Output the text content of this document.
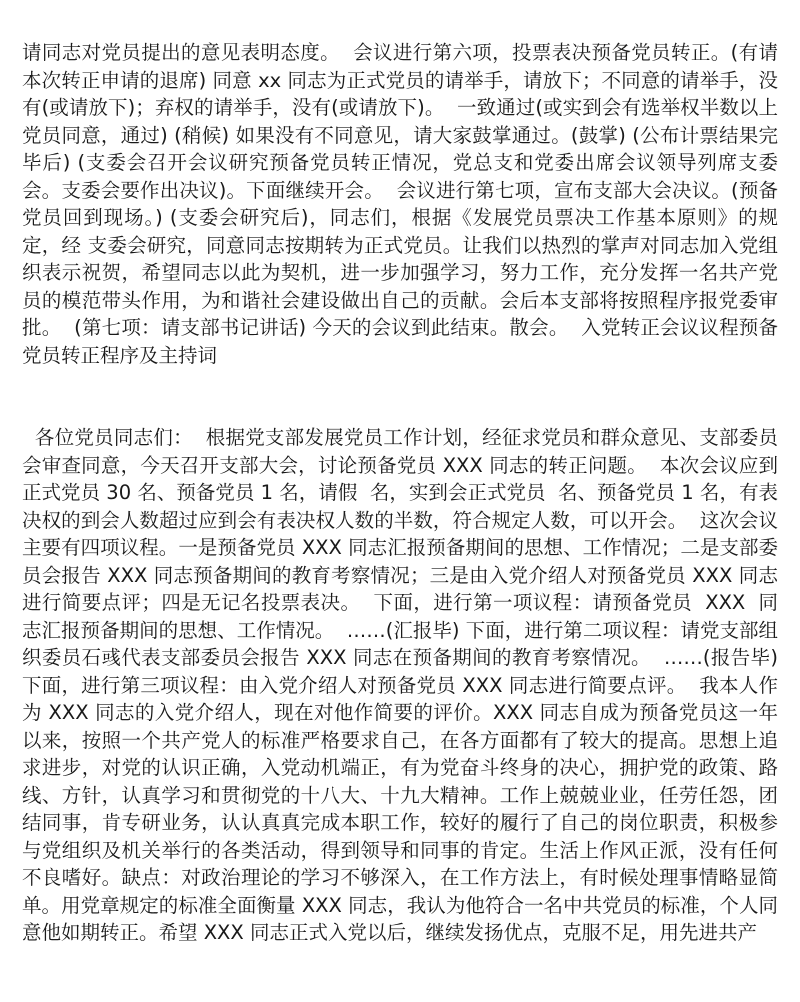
请同志对党员提出的意见表明态度。  会议进行第六项，投票表决预备党员转正。(有请本次转正申请的退席) 同意 xx 同志为正式党员的请举手，请放下；不同意的请举手，没有(或请放下)；弃权的请举手，没有(或请放下)。  一致通过(或实到会有选举权半数以上党员同意，通过) (稍候) 如果没有不同意见，请大家鼓掌通过。(鼓掌) (公布计票结果完毕后) (支委会召开会议研究预备党员转正情况，党总支和党委出席会议领导列席支委会。支委会要作出决议)。下面继续开会。  会议进行第七项，宣布支部大会决议。(预备党员回到现场。) (支委会研究后)，同志们，根据《发展党员票决工作基本原则》的规定，经 支委会研究，同意同志按期转为正式党员。让我们以热烈的掌声对同志加入党组织表示祝贺，希望同志以此为契机，进一步加强学习，努力工作，充分发挥一名共产党员的模范带头作用，为和谐社会建设做出自己的贡献。会后本支部将按照程序报党委审批。  (第七项：请支部书记讲话) 今天的会议到此结束。散会。  入党转正会议议程预备党员转正程序及主持词

各位党员同志们：  根据党支部发展党员工作计划，经征求党员和群众意见、支部委员会审查同意，今天召开支部大会，讨论预备党员 XXX 同志的转正问题。  本次会议应到正式党员 30 名、预备党员 1 名，请假  名，实到会正式党员  名、预备党员 1 名，有表决权的到会人数超过应到会有表决权人数的半数，符合规定人数，可以开会。  这次会议主要有四项议程。一是预备党员 XXX 同志汇报预备期间的思想、工作情况；二是支部委员会报告 XXX 同志预备期间的教育考察情况；三是由入党介绍人对预备党员 XXX 同志进行简要点评；四是无记名投票表决。  下面，进行第一项议程：请预备党员  XXX  同志汇报预备期间的思想、工作情况。  ……(汇报毕) 下面，进行第二项议程：请党支部组织委员石彧代表支部委员会报告 XXX 同志在预备期间的教育考察情况。  ……(报告毕) 下面，进行第三项议程：由入党介绍人对预备党员 XXX 同志进行简要点评。  我本人作为 XXX 同志的入党介绍人，现在对他作简要的评价。XXX 同志自成为预备党员这一年以来，按照一个共产党人的标准严格要求自己，在各方面都有了较大的提高。思想上追求进步，对党的认识正确，入党动机端正，有为党奋斗终身的决心，拥护党的政策、路线、方针，认真学习和贯彻党的十八大、十九大精神。工作上兢兢业业，任劳任怨，团结同事，肯专研业务，认认真真完成本职工作，较好的履行了自己的岗位职责，积极参与党组织及机关举行的各类活动，得到领导和同事的肯定。生活上作风正派，没有任何不良嗜好。缺点：对政治理论的学习不够深入，在工作方法上，有时候处理事情略显简单。用党章规定的标准全面衡量 XXX 同志，我认为他符合一名中共党员的标准，个人同意他如期转正。希望 XXX 同志正式入党以后，继续发扬优点，克服不足，用先进共产
